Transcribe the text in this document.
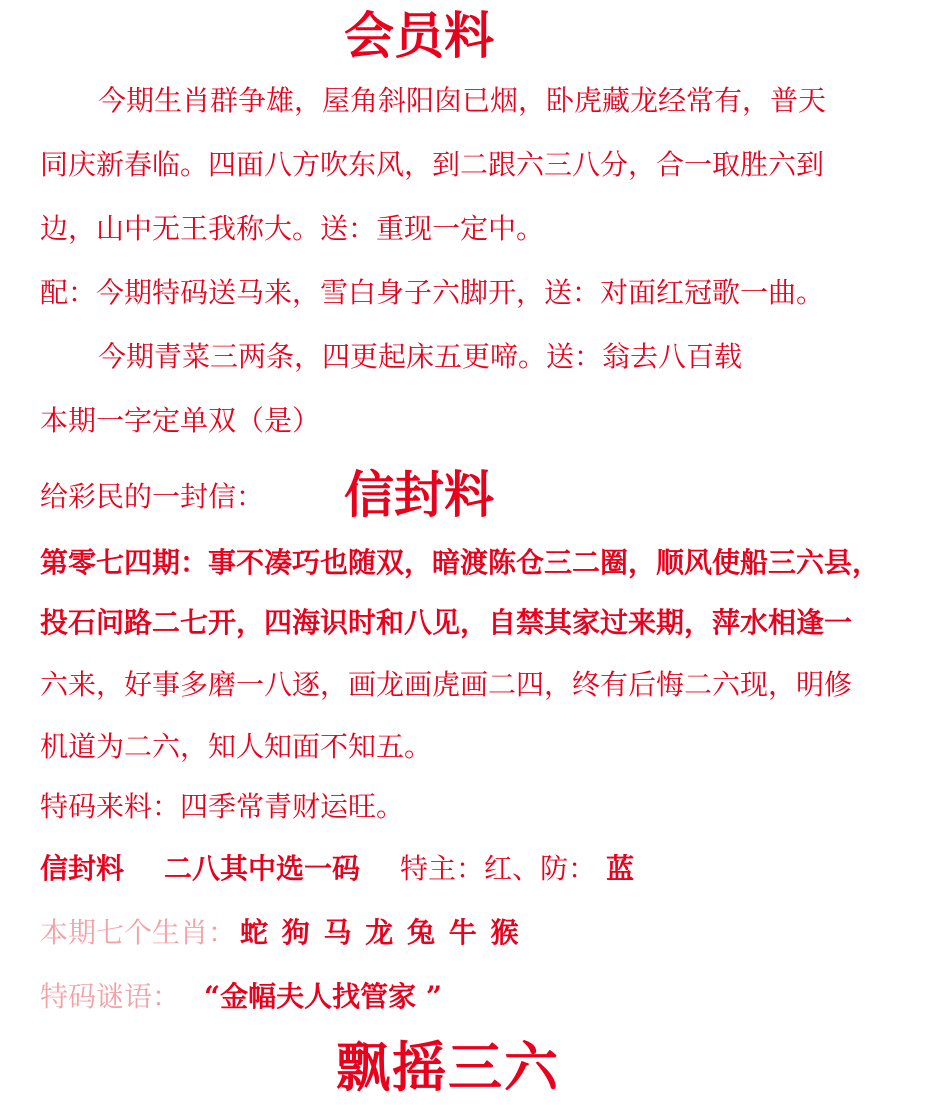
会员料
今期生肖群争雄，屋角斜阳囱已烟，卧虎藏龙经常有，普天
同庆新春临。四面八方吹东风，到二跟六三八分，合一取胜六到
边，山中无王我称大。送：重现一定中。
配：今期特码送马来，雪白身子六脚开，送：对面红冠歌一曲。
今期青菜三两条，四更起床五更啼。送：翁去八百载
本期一字定单双（是）
给彩民的一封信： 信封料
第零七四期：事不凑巧也随双，暗渡陈仓三二圈，顺风使船三六县，
投石问路二七开，四海识时和八见，自禁其家过来期，萍水相逢一
六来，好事多磨一八逐，画龙画虎画二四，终有后悔二六现，明修
机道为二六，知人知面不知五。
特码来料：四季常青财运旺。
信封料 二八其中选一码 特主：红、防： 蓝
本期七个生肖： 蛇 狗 马 龙 兔 牛 猴
特码谜语： “金幅夫人找管家 ”
飘摇三六
